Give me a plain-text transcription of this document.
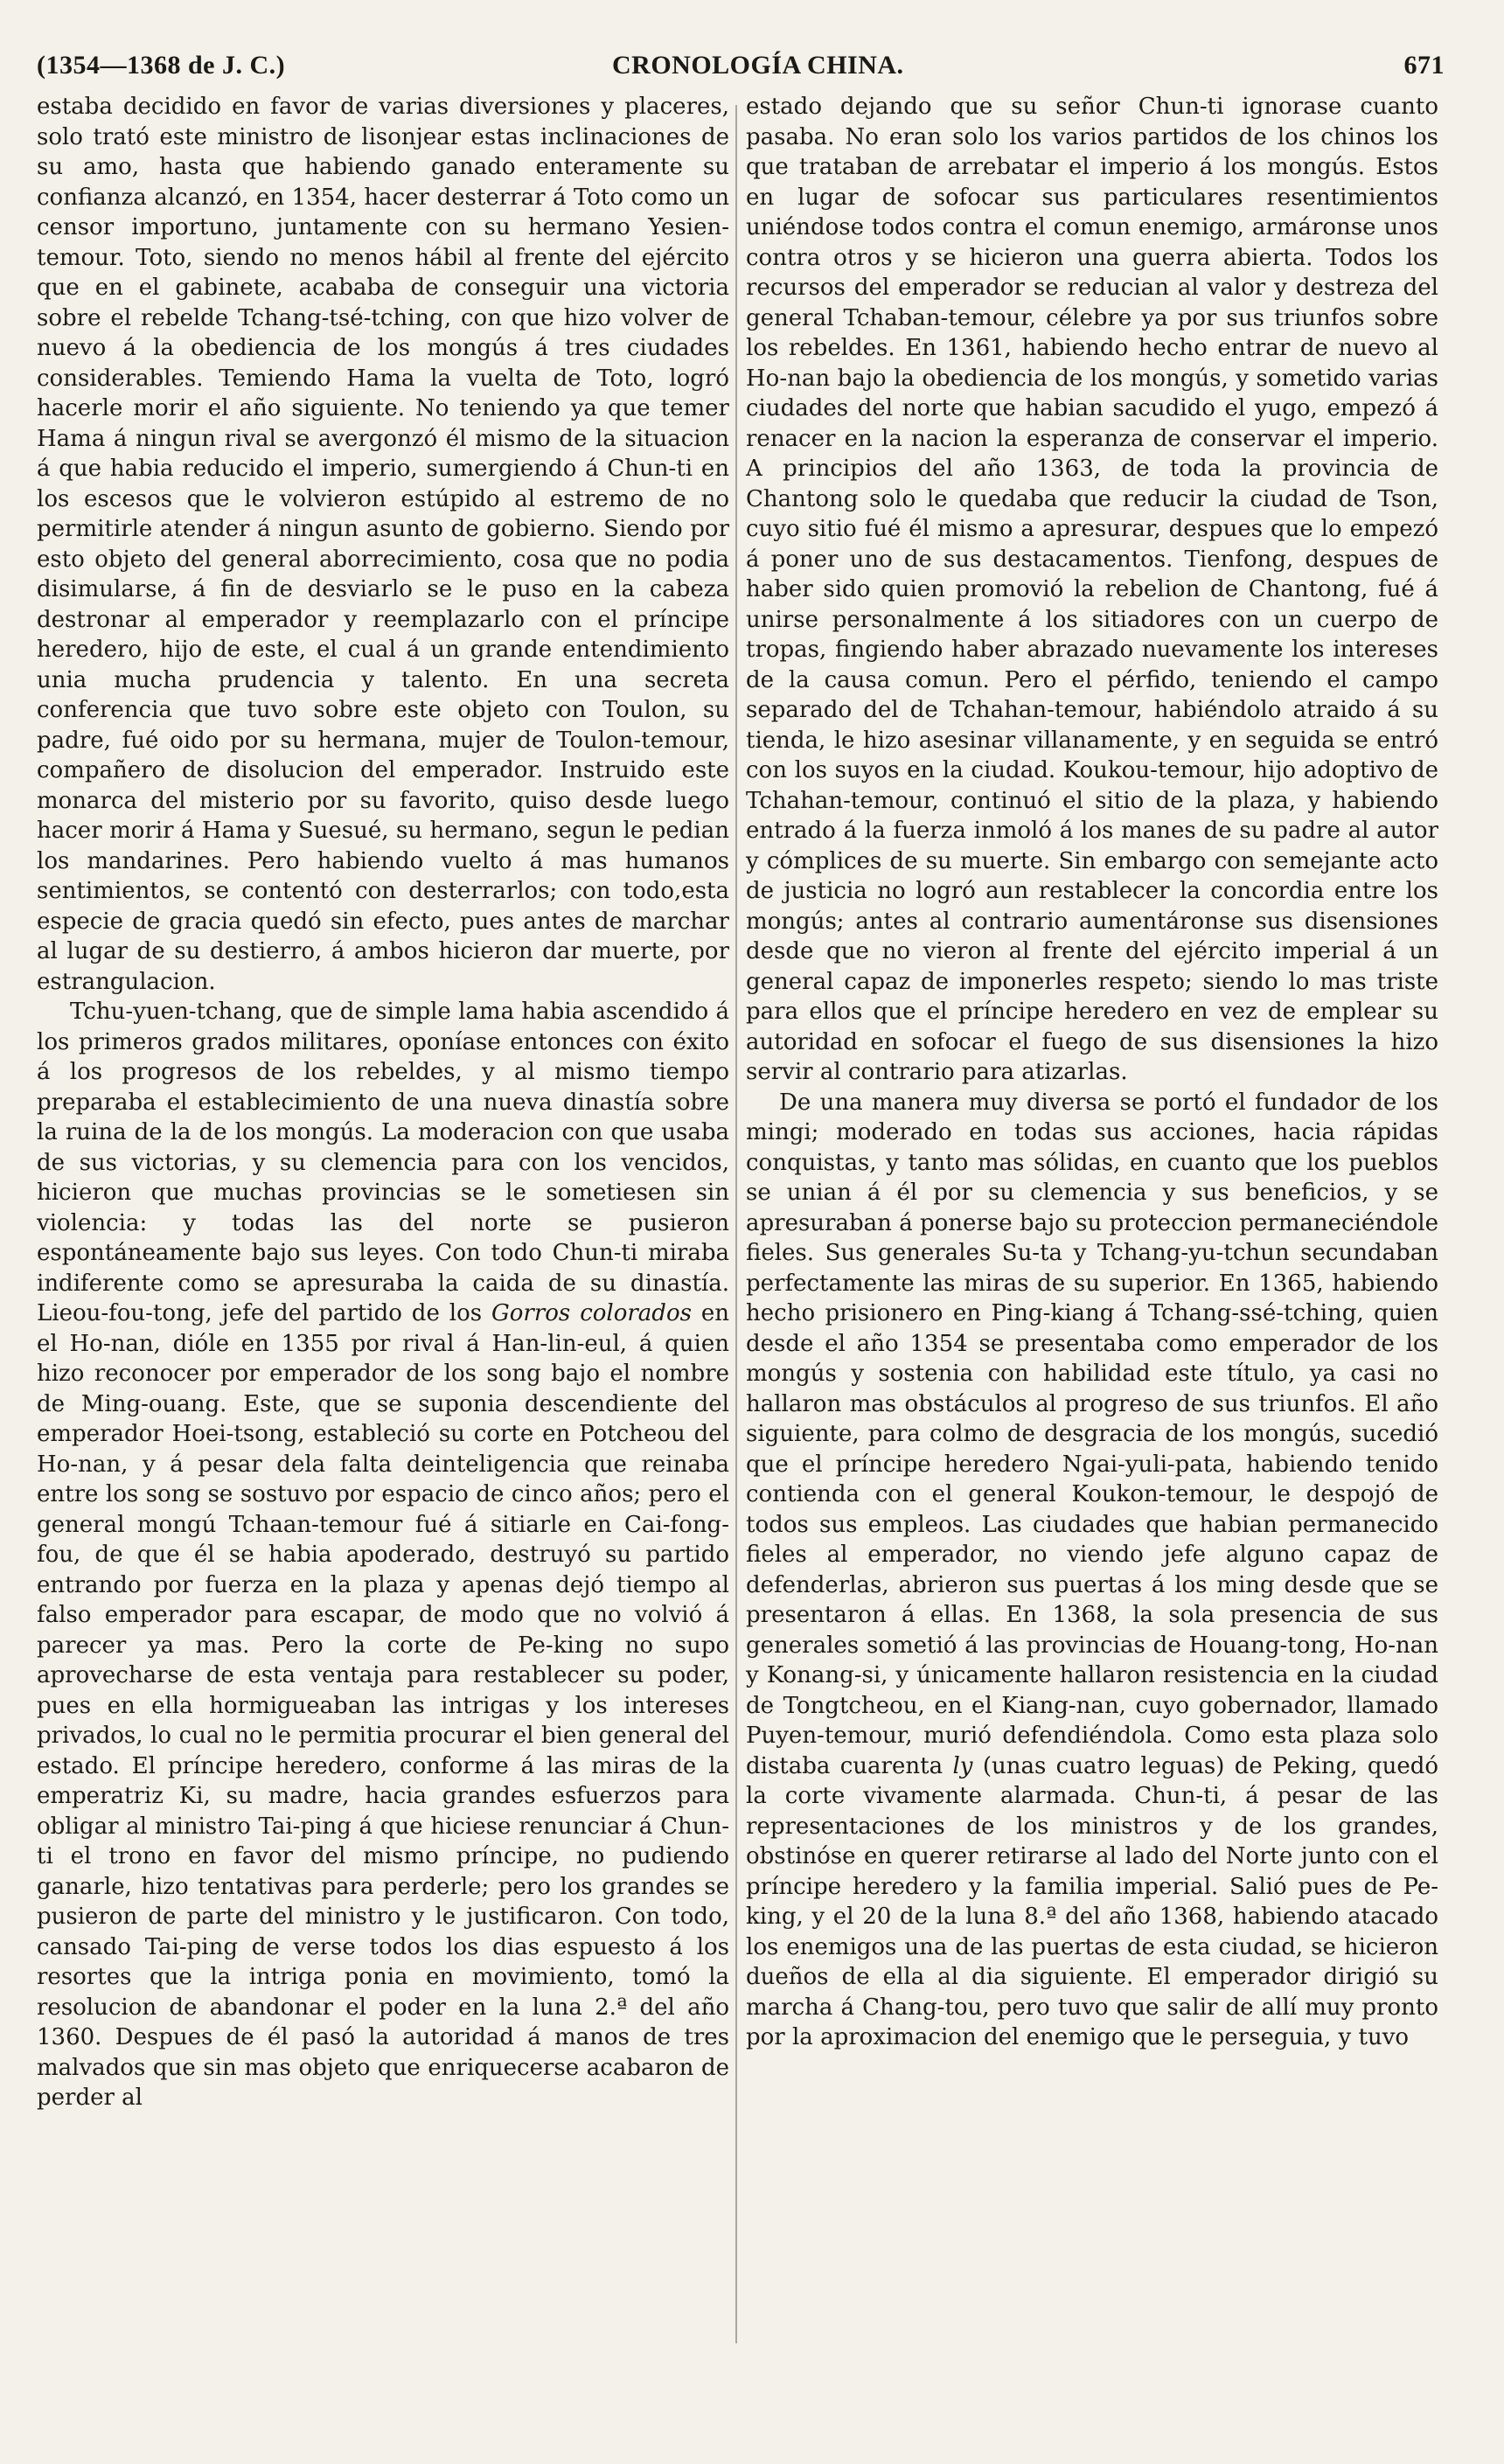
(1354—1368 de J. C.)	CRONOLOGÍA CHINA.	671

estaba decidido en favor de varias diversiones y placeres, solo trató este ministro de lisonjear estas inclinaciones de su amo, hasta que habiendo ganado enteramente su confianza alcanzó, en 1354, hacer desterrar á Toto como un censor importuno, juntamente con su hermano Yesien-temour. Toto, siendo no menos hábil al frente del ejército que en el gabinete, acababa de conseguir una victoria sobre el rebelde Tchang-tsé-tching, con que hizo volver de nuevo á la obediencia de los mongús á tres ciudades considerables. Temiendo Hama la vuelta de Toto, logró hacerle morir el año siguiente. No teniendo ya que temer Hama á ningun rival se avergonzó él mismo de la situacion á que habia reducido el imperio, sumergiendo á Chun-ti en los escesos que le volvieron estúpido al estremo de no permitirle atender á ningun asunto de gobierno. Siendo por esto objeto del general aborrecimiento, cosa que no podia disimularse, á fin de desviarlo se le puso en la cabeza destronar al emperador y reemplazarlo con el príncipe heredero, hijo de este, el cual á un grande entendimiento unia mucha prudencia y talento. En una secreta conferencia que tuvo sobre este objeto con Toulon, su padre, fué oido por su hermana, mujer de Toulon-temour, compañero de disolucion del emperador. Instruido este monarca del misterio por su favorito, quiso desde luego hacer morir á Hama y Suesué, su hermano, segun le pedian los mandarines. Pero habiendo vuelto á mas humanos sentimientos, se contentó con desterrarlos; con todo,esta especie de gracia quedó sin efecto, pues antes de marchar al lugar de su destierro, á ambos hicieron dar muerte, por estrangulacion.

Tchu-yuen-tchang, que de simple lama habia ascendido á los primeros grados militares, oponíase entonces con éxito á los progresos de los rebeldes, y al mismo tiempo preparaba el establecimiento de una nueva dinastía sobre la ruina de la de los mongús. La moderacion con que usaba de sus victorias, y su clemencia para con los vencidos, hicieron que muchas provincias se le sometiesen sin violencia: y todas las del norte se pusieron espontáneamente bajo sus leyes. Con todo Chun-ti miraba indiferente como se apresuraba la caida de su dinastía. Lieou-fou-tong, jefe del partido de los Gorros colorados en el Ho-nan, dióle en 1355 por rival á Han-lin-eul, á quien hizo reconocer por emperador de los song bajo el nombre de Ming-ouang. Este, que se suponia descendiente del emperador Hoei-tsong, estableció su corte en Potcheou del Ho-nan, y á pesar dela falta deinteligencia que reinaba entre los song se sostuvo por espacio de cinco años; pero el general mongú Tchaan-temour fué á sitiarle en Cai-fong-fou, de que él se habia apoderado, destruyó su partido entrando por fuerza en la plaza y apenas dejó tiempo al falso emperador para escapar, de modo que no volvió á parecer ya mas. Pero la corte de Pe-king no supo aprovecharse de esta ventaja para restablecer su poder, pues en ella hormigueaban las intrigas y los intereses privados, lo cual no le permitia procurar el bien general del estado. El príncipe heredero, conforme á las miras de la emperatriz Ki, su madre, hacia grandes esfuerzos para obligar al ministro Tai-ping á que hiciese renunciar á Chun-ti el trono en favor del mismo príncipe, no pudiendo ganarle, hizo tentativas para perderle; pero los grandes se pusieron de parte del ministro y le justificaron. Con todo, cansado Tai-ping de verse todos los dias espuesto á los resortes que la intriga ponia en movimiento, tomó la resolucion de abandonar el poder en la luna 2.ª del año 1360. Despues de él pasó la autoridad á manos de tres malvados que sin mas objeto que enriquecerse acabaron de perder al

estado dejando que su señor Chun-ti ignorase cuanto pasaba. No eran solo los varios partidos de los chinos los que trataban de arrebatar el imperio á los mongús. Estos en lugar de sofocar sus particulares resentimientos uniéndose todos contra el comun enemigo, armáronse unos contra otros y se hicieron una guerra abierta. Todos los recursos del emperador se reducian al valor y destreza del general Tchaban-temour, célebre ya por sus triunfos sobre los rebeldes. En 1361, habiendo hecho entrar de nuevo al Ho-nan bajo la obediencia de los mongús, y sometido varias ciudades del norte que habian sacudido el yugo, empezó á renacer en la nacion la esperanza de conservar el imperio. A principios del año 1363, de toda la provincia de Chantong solo le quedaba que reducir la ciudad de Tson, cuyo sitio fué él mismo a apresurar, despues que lo empezó á poner uno de sus destacamentos. Tienfong, despues de haber sido quien promovió la rebelion de Chantong, fué á unirse personalmente á los sitiadores con un cuerpo de tropas, fingiendo haber abrazado nuevamente los intereses de la causa comun. Pero el pérfido, teniendo el campo separado del de Tchahan-temour, habiéndolo atraido á su tienda, le hizo asesinar villanamente, y en seguida se entró con los suyos en la ciudad. Koukou-temour, hijo adoptivo de Tchahan-temour, continuó el sitio de la plaza, y habiendo entrado á la fuerza inmoló á los manes de su padre al autor y cómplices de su muerte. Sin embargo con semejante acto de justicia no logró aun restablecer la concordia entre los mongús; antes al contrario aumentáronse sus disensiones desde que no vieron al frente del ejército imperial á un general capaz de imponerles respeto; siendo lo mas triste para ellos que el príncipe heredero en vez de emplear su autoridad en sofocar el fuego de sus disensiones la hizo servir al contrario para atizarlas.

De una manera muy diversa se portó el fundador de los mingi; moderado en todas sus acciones, hacia rápidas conquistas, y tanto mas sólidas, en cuanto que los pueblos se unian á él por su clemencia y sus beneficios, y se apresuraban á ponerse bajo su proteccion permaneciéndole fieles. Sus generales Su-ta y Tchang-yu-tchun secundaban perfectamente las miras de su superior. En 1365, habiendo hecho prisionero en Ping-kiang á Tchang-ssé-tching, quien desde el año 1354 se presentaba como emperador de los mongús y sostenia con habilidad este título, ya casi no hallaron mas obstáculos al progreso de sus triunfos. El año siguiente, para colmo de desgracia de los mongús, sucedió que el príncipe heredero Ngai-yuli-pata, habiendo tenido contienda con el general Koukon-temour, le despojó de todos sus empleos. Las ciudades que habian permanecido fieles al emperador, no viendo jefe alguno capaz de defenderlas, abrieron sus puertas á los ming desde que se presentaron á ellas. En 1368, la sola presencia de sus generales sometió á las provincias de Houang-tong, Ho-nan y Konang-si, y únicamente hallaron resistencia en la ciudad de Tongtcheou, en el Kiang-nan, cuyo gobernador, llamado Puyen-temour, murió defendiéndola. Como esta plaza solo distaba cuarenta ly (unas cuatro leguas) de Peking, quedó la corte vivamente alarmada. Chun-ti, á pesar de las representaciones de los ministros y de los grandes, obstinóse en querer retirarse al lado del Norte junto con el príncipe heredero y la familia imperial. Salió pues de Pe-king, y el 20 de la luna 8.ª del año 1368, habiendo atacado los enemigos una de las puertas de esta ciudad, se hicieron dueños de ella al dia siguiente. El emperador dirigió su marcha á Chang-tou, pero tuvo que salir de allí muy pronto por la aproximacion del enemigo que le perseguia, y tuvo
